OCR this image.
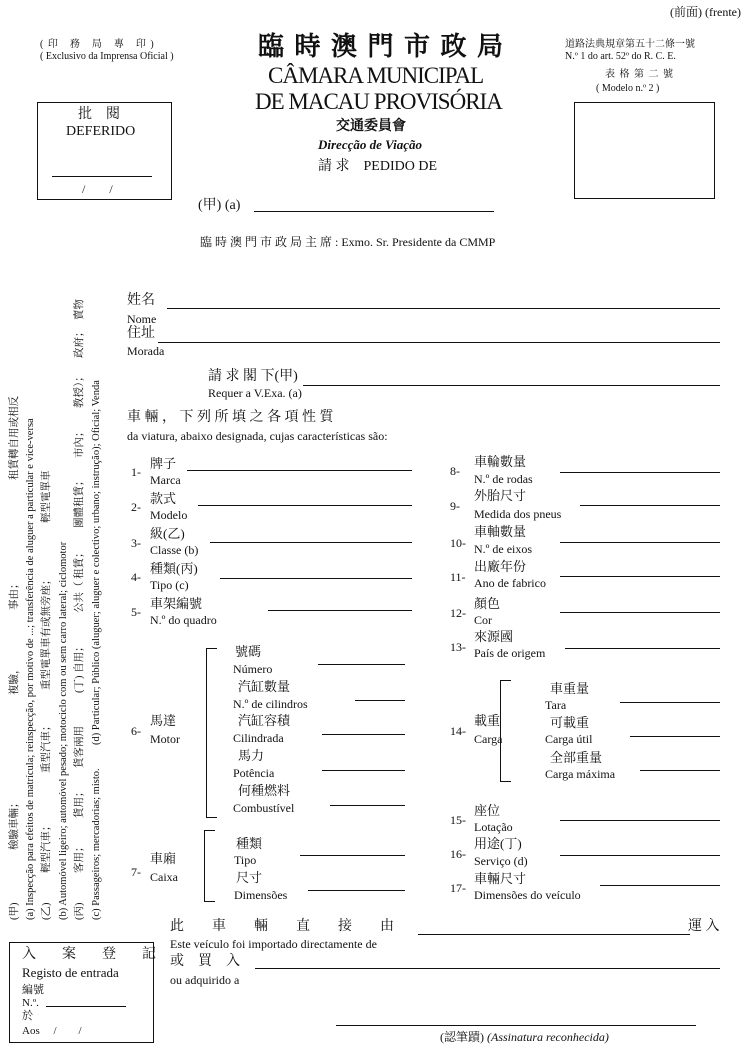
(前面) (frente)
( 印　務　局　專　印 )
( Exclusivo da Imprensa Oficial )	臨 時 澳 門 市 政 局
CÂMARA MUNICIPAL
DE MACAU PROVISÓRIA
交通委員會
Direcção de Viação
請 求　PEDIDO DE
(甲) (a)
臨 時 澳 門 市 政 局 主 席 : Exmo. Sr. Presidente da CMMP
道路法典規章第五十二條一號
N.º 1 do art. 52º do R. C. E.
表 格 第 二 號
( Modelo n.º 2 )
批　閱
DEFERIDO
/　　/
(甲)
檢驗車輛；
複驗，
事由；
租賃轉自用或相反 (a) Inspecção para efeitos de matrícula; reinspecção, por motivo de ...; transferência de aluguer a particular e vice-versa (乙)
輕型汽車；
重型汽車；
重型電單車有或無旁座；
輕型電單車
(b) Automóvel ligeiro; automóvel pesado; motociclo com ou sem carro lateral; ciclomotor (丙)
客用；
貨用；
貨客兩用
(丁) 自用；
公共（ 租賃；
團體租賃；
市內；
教授）；
政府；
賣物
(c) Passageiros; mercadorias; misto.
(d) Particular; Público (aluguer; aluguer e colectivo; urbano; instrução); Oficial; Venda
姓名
Nome
住址
Morada
請 求 閣 下(甲)
Requer a V.Exa. (a)
車 輛 ， 下 列 所 填 之 各 項 性 質
da viatura, abaixo designada, cujas características são:
1-
牌子
Marca
2-
款式
Modelo
3-
級(乙)
Classe (b)
4-
種類(丙)
Tipo (c)
5-
車架編號
N.º do quadro
6-
馬達
Motor
號碼
Número
汽缸數量
N.º de cilindros
汽缸容積
Cilindrada
馬力
Potência
何種燃料
Combustível
7-
車廂
Caixa
種類
Tipo
尺寸
Dimensões
8-
車輪數量
N.º de rodas
9-
外胎尺寸
Medida dos pneus
10-
車軸數量
N.º de eixos
11-
出廠年份
Ano de fabrico
12-
顏色
Cor
13-
來源國
País de origem
14-
載重
Carga
車重量
Tara
可載重
Carga útil
全部重量
Carga máxima
15-
座位
Lotação
16-
用途(丁)
Serviço (d)
17-
車輛尺寸
Dimensões do veículo
此　　車　　輛　　直　　接　　由	運 入
Este veículo foi importado directamente de
或　買　入
ou adquirido a
(認筆蹟) (Assinatura reconhecida)
入　案　登　記
Registo de entrada
編號
N.º.
於
Aos　 /　　/
